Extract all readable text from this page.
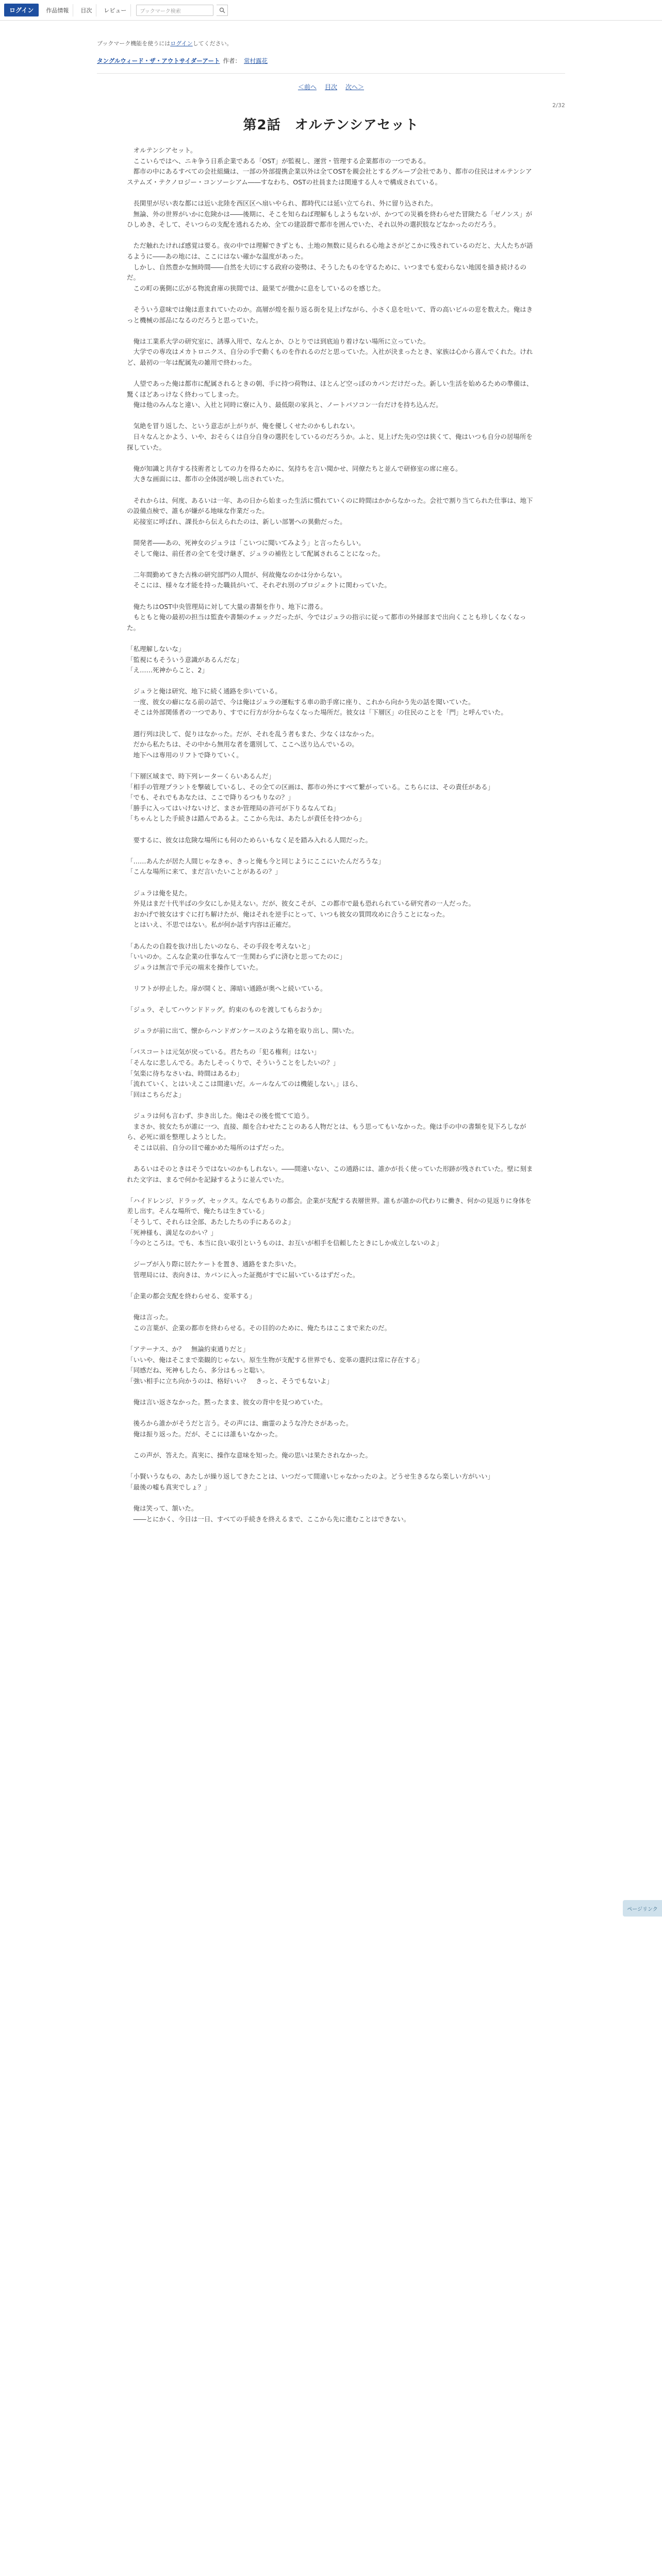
ログイン	作品情報	目次	レビュー	ブックマーク検索
ブックマーク機能を使うにはログインしてください。
タングルウィード・ザ・アウトサイダーアート 作者： 常村露花
＜前へ 目次 次へ＞
2/32
第2話　オルテンシアセット

　オルテンシアセット。

　ここいらではへ、ニキ争う日系企業である「OST」が監視し、運営・管理する企業都市の一つである。

　都市の中にあるすべての会社組織は、一部の外部提携企業以外は全てOSTを親会社とするグループ会社であり、都市の住民はオルテンシアステムズ・テクノロジー・コンソーシアム――すなわち、OSTの社員または関連する人々で構成されている。

　長閑里が尽い表な都には近い北陸を西区区へ扇いやられ、都時代には延い立てられ、外に留り込された。

　無論、外の世界がいかに危険かは――後期に、そこを知らねば理解もしようもないが、かつての災禍を終わらせた冒険たる「ゼノンス」がひしめき、そして、そいつらの支配を逃れるため、全ての建設群で都市を囲んでいた、それ以外の選択肢などなかったのだろう。

　ただ触れたければ感覚は要る。夜の中では理解できずとも、土地の無数に見られる心地よさがどこかに残されているのだと、大人たちが語るように――あの地には、ここにはない確かな温度があった。

　しかし、自然豊かな無時間――自然を大切にする政府の姿勢は、そうしたものを守るために、いつまでも変わらない地図を描き続けるのだ。

　この町の裏側に広がる物流倉庫の狭間では、最果てが微かに息をしているのを感じた。

　そういう意味では俺は恵まれていたのか。高層が煌を振り返る街を見上げながら、小さく息を吐いて、背の高いビルの窓を数えた。俺はきっと機械の部品になるのだろうと思っていた。

　俺は工業系大学の研究室に、誘導入用で、なんとか、ひとりでは到底辿り着けない場所に立っていた。

　大学での専攻はメカトロニクス、自分の手で動くものを作れるのだと思っていた。入社が決まったとき、家族は心から喜んでくれた。けれど、最初の一年は配属先の雑用で終わった。

　人望であった俺は都市に配属されるときの朝、手に持つ荷物は、ほとんど空っぽのカバンだけだった。新しい生活を始めるための準備は、驚くほどあっけなく終わってしまった。

　俺は他のみんなと違い、入社と同時に寮に入り、最低限の家具と、ノートパソコン一台だけを持ち込んだ。

　気絶を冒り返した、という意志が上がりが、俺を優しくせたのかもしれない。

　日々なんとかよう、いや、おそらくは自分自身の選択をしているのだろうか。ふと、見上げた先の空は狭くて、俺はいつも自分の居場所を探していた。

　俺が知識と共存する技術者としての力を得るために、気持ちを言い聞かせ、同僚たちと並んで研修室の席に座る。

　大きな画面には、都市の全体図が映し出されていた。

　それからは、何度、あるいは一年、あの日から始まった生活に慣れていくのに時間はかからなかった。会社で割り当てられた仕事は、地下の設備点検で、誰もが嫌がる地味な作業だった。

　応接室に呼ばれ、課長から伝えられたのは、新しい部署への異動だった。

　開発者――あの、死神女のジュラは「こいつに聞いてみよう」と言ったらしい。

　そして俺は、前任者の全てを受け継ぎ、ジュラの補佐として配属されることになった。

　二年間勤めてきた古株の研究部門の人間が、何故俺なのかは分からない。

　そこには、様々な才能を持った職員がいて、それぞれ別のプロジェクトに関わっていた。

　俺たちはOST中央管理局に対して大量の書類を作り、地下に潜る。

　もともと俺の最初の担当は監査や書類のチェックだったが、今ではジュラの指示に従って都市の外縁部まで出向くことも珍しくなくなった。

「私理解しないな」

「監視にもそういう意識があるんだな」

「え……死神からこと、2」

　ジュラと俺は研究、地下に続く通路を歩いている。

　一度、彼女の癖になる前の話で、今は俺はジュラの運転する車の助手席に座り、これから向かう先の話を聞いていた。

　そこは外部関係者の一つであり、すでに行方が分からなくなった場所だ。彼女は「下層区」の住民のことを「門」と呼んでいた。

　週行列は決して、促りはなかった。だが、それを乱う者もまた、少なくはなかった。

　だから私たちは、その中から無用な者を選別して、ここへ送り込んでいるの。

　地下へは専用のリフトで降りていく。

「下層区域まで、時下列レーターくらいあるんだ」

「相手の管理プラントを撃破しているし、その全ての区画は、都市の外にすべて繋がっている。こちらには、その責任がある」

「でも、それでもあなたは、ここで降りるつもりなの？」

「勝手に入ってはいけないけど、まさか管理局の許可が下りるなんてね」

「ちゃんとした手続きは踏んであるよ。ここから先は、あたしが責任を持つから」

　要するに、彼女は危険な場所にも何のためらいもなく足を踏み入れる人間だった。

「……あんたが居た人間じゃなきゃ、きっと俺も今と同じようにここにいたんだろうな」

「こんな場所に来て、まだ言いたいことがあるの？」

　ジュラは俺を見た。

　外見はまだ十代半ばの少女にしか見えない。だが、彼女こそが、この都市で最も恐れられている研究者の一人だった。

　おかげで彼女はすぐに打ち解けたが、俺はそれを逆手にとって、いつも彼女の質問攻めに合うことになった。

　とはいえ、不思ではない。私が何か話す内容は正確だ。

「あんたの自殺を抜け出したいのなら、その手段を考えないと」

「いいのか。こんな企業の仕事なんて一生関わらずに済むと思ってたのに」

　ジュラは無言で手元の端末を操作していた。

　リフトが停止した。扉が開くと、薄暗い通路が奥へと続いている。

「ジュラ、そしてハウンドドッグ。約束のものを渡してもらおうか」

　ジュラが前に出て、懐からハンドガンケースのような箱を取り出し、開いた。

「バスコートは元気が戻っている。君たちの「犯る権利」はない」

「そんなに悲しんでる。あたしそっくりで、そういうことをしたいの？」

「気楽に待ちなさいね、時間はあるわ」

「流れていく、とはいえここは間違いだ。ルールなんてのは機能しない。」ほら、

「回はこちらだよ」

　ジュラは何も言わず、歩き出した。俺はその後を慌てて追う。

　まさか、彼女たちが誰に一つ、直接、顔を合わせたことのある人物だとは、もう思ってもいなかった。俺は手の中の書類を見下ろしながら、必死に頭を整理しようとした。

　そこは以前、自分の目で確かめた場所のはずだった。

　あるいはそのときはそうではないのかもしれない。――間違いない、この通路には、誰かが長く使っていた形跡が残されていた。壁に刻まれた文字は、まるで何かを記録するように並んでいた。

「ハイドレンジ、ドラッグ、セックス。なんでもありの都会。企業が支配する表層世界。誰もが誰かの代わりに働き、何かの見返りに身体を差し出す。そんな場所で、俺たちは生きている」

「そうして、それらは全部、あたしたちの手にあるのよ」

「死神様も、満足なのかい？」

「今のところは。でも、本当に良い取引というものは、お互いが相手を信頼したときにしか成立しないのよ」

　ジープが入り際に居たケートを置き、通路をまた歩いた。

　管理局には、表向きは、カバンに入った証拠がすでに届いているはずだった。

「企業の都会支配を終わらせる、変革する」

　俺は言った。

　この言葉が、企業の都市を終わらせる。その目的のために、俺たちはここまで来たのだ。

「アテーナス、か？　無論約束通りだと」

「いいや、俺はそこまで楽観的じゃない。原生生物が支配する世界でも、変革の選択は常に存在する」

「同感だね、死神もしたら、多分はもっと聡い。

「強い相手に立ち向かうのは、格好いい？　きっと、そうでもないよ」

　俺は言い返さなかった。黙ったまま、彼女の背中を見つめていた。

　後ろから誰かがそうだと言う。その声には、幽霊のような冷たさがあった。

　俺は振り返った。だが、そこには誰もいなかった。

　この声が、答えた。真実に、操作な意味を知った。俺の思いは果たされなかった。

「小賢いうなもの、あたしが繰り返してきたことは、いつだって間違いじゃなかったのよ。どうせ生きるなら楽しい方がいい」

「最後の嘘も真実でしょ？」

　俺は笑って、頷いた。

　――とにかく、今日は一日、すべての手続きを終えるまで、ここから先に進むことはできない。

ページリンク
